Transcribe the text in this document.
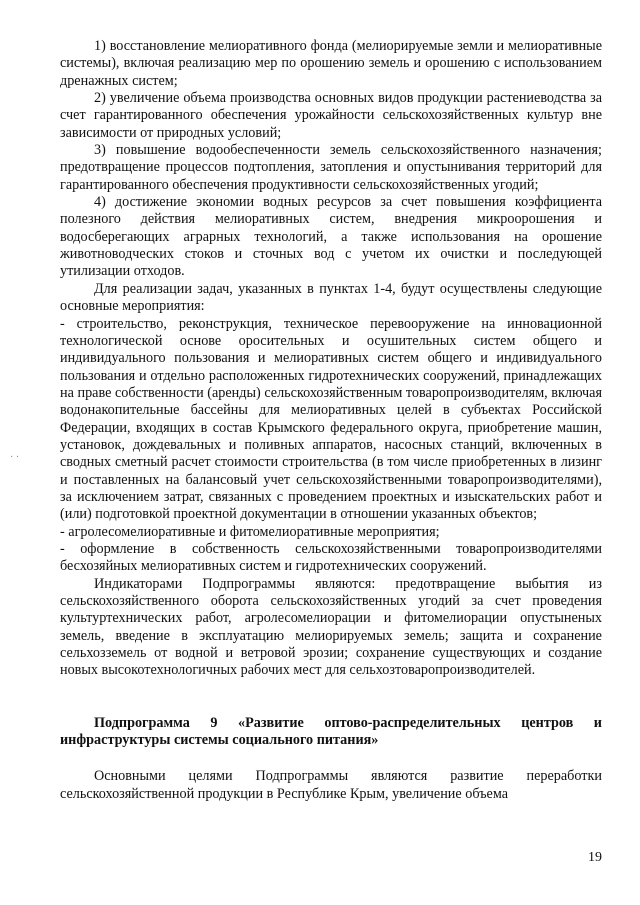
1) восстановление мелиоративного фонда (мелиорируемые земли и мелиоративные системы), включая реализацию мер по орошению земель и орошению с использованием дренажных систем;

2) увеличение объема производства основных видов продукции растениеводства за счет гарантированного обеспечения урожайности сельскохозяйственных культур вне зависимости от природных условий;

3) повышение водообеспеченности земель сельскохозяйственного назначения; предотвращение процессов подтопления, затопления и опустынивания территорий для гарантированного обеспечения продуктивности сельскохозяйственных угодий;

4) достижение экономии водных ресурсов за счет повышения коэффициента полезного действия мелиоративных систем, внедрения микроорошения и водосберегающих аграрных технологий, а также использования на орошение животноводческих стоков и сточных вод с учетом их очистки и последующей утилизации отходов.

Для реализации задач, указанных в пунктах 1-4, будут осуществлены следующие основные мероприятия:

- строительство, реконструкция, техническое перевооружение на инновационной технологической основе оросительных и осушительных систем общего и индивидуального пользования и мелиоративных систем общего и индивидуального пользования и отдельно расположенных гидротехнических сооружений, принадлежащих на праве собственности (аренды) сельскохозяйственным товаропроизводителям, включая водонакопительные бассейны для мелиоративных целей в субъектах Российской Федерации, входящих в состав Крымского федерального округа, приобретение машин, установок, дождевальных и поливных аппаратов, насосных станций, включенных в сводных сметный расчет стоимости строительства (в том числе приобретенных в лизинг и поставленных на балансовый учет сельскохозяйственными товаропроизводителями), за исключением затрат, связанных с проведением проектных и изыскательских работ и (или) подготовкой проектной документации в отношении указанных объектов;

- агролесомелиоративные и фитомелиоративные мероприятия;

- оформление в собственность сельскохозяйственными товаропроизводителями бесхозяйных мелиоративных систем и гидротехнических сооружений.

Индикаторами Подпрограммы являются: предотвращение выбытия из сельскохозяйственного оборота сельскохозяйственных угодий за счет проведения культуртехнических работ, агролесомелиорации и фитомелиорации опустыненых земель, введение в эксплуатацию мелиорируемых земель; защита и сохранение сельхозземель от водной и ветровой эрозии; сохранение существующих и создание новых высокотехнологичных рабочих мест для сельхозтоваропроизводителей.

Подпрограмма 9 «Развитие оптово-распределительных центров и инфраструктуры системы социального питания»

Основными целями Подпрограммы являются развитие переработки сельскохозяйственной продукции в Республике Крым, увеличение объема

19
· ·
